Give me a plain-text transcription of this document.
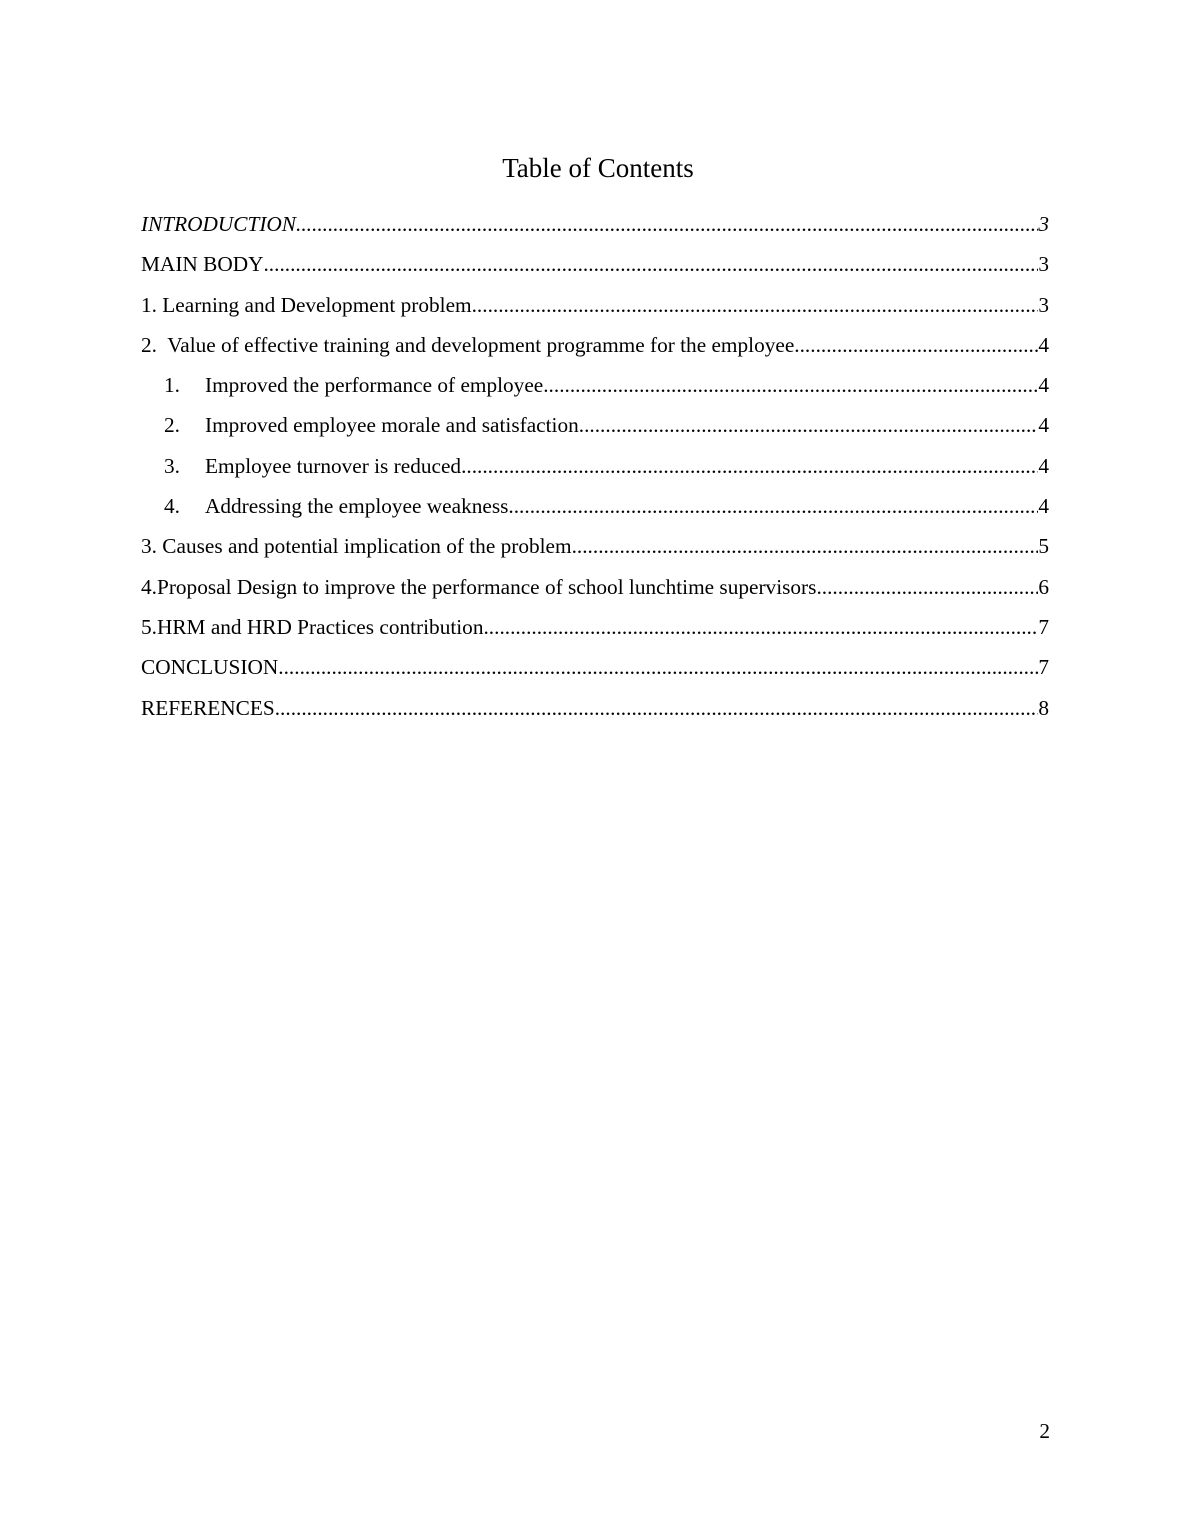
Table of Contents
INTRODUCTION .....	3
MAIN BODY .....	3
1. Learning and Development problem .....	3
2.  Value of effective training and development programme for the employee .....	4
1.	Improved the performance of employee .....	4
2.	Improved employee morale and satisfaction .....	4
3.	Employee turnover is reduced .....	4
4.	Addressing the employee weakness .....	4
3. Causes and potential implication of the problem .....	5
4.Proposal Design to improve the performance of school lunchtime supervisors .....	6
5.HRM and HRD Practices contribution .....	7
CONCLUSION .....	7
REFERENCES .....	8
2
